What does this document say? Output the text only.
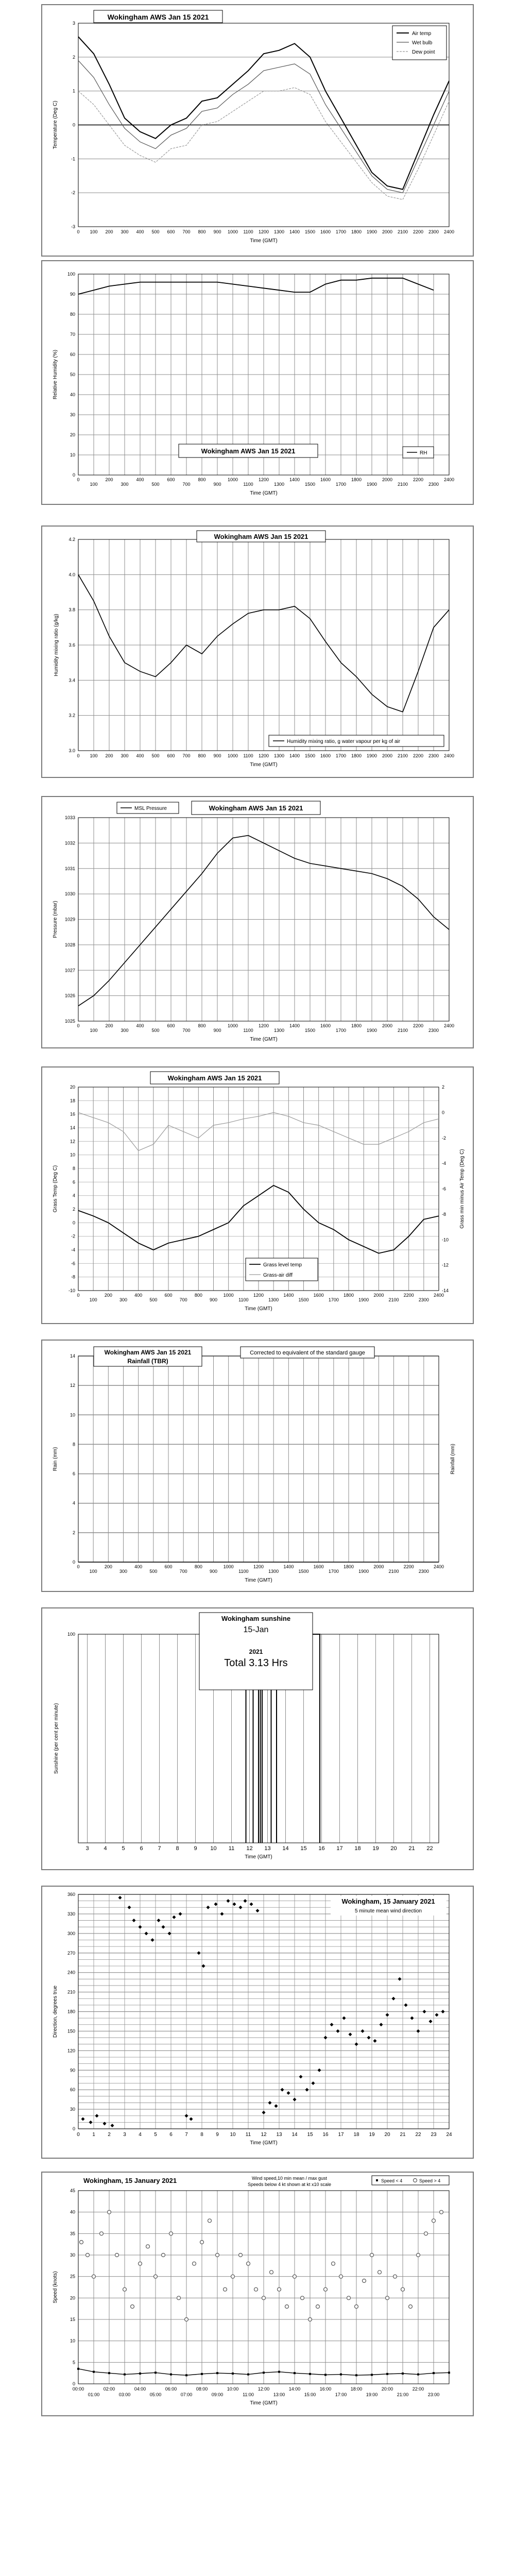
-3
-2
-1
0
1
2
3
0 100 200 300 400 500 600 700 800 900 1000 1100 1200 1300 1400 1500 1600 1700 1800 1900 2000 2100 2200 2300 2400
Wokingham AWS Jan 15 2021
Temperature (Deg C)
Time (GMT)
Air temp
Wet bulb
Dew point
0
10
20
30
40
50
60
70
80
90
100
0
100
200
300
400
500
600
700
800
900
1000
1100
1200
1300
1400
1500
1600
1700
1800
1900
2000
2100
2200
2300
2400
Relative Humidity (%)
Time (GMT)
Wokingham AWS Jan 15 2021	RH
3.0
3.2
3.4
3.6
3.8
4.0
4.2
0 100 200 300 400 500 600 700 800 900 1000 1100 1200 1300 1400 1500 1600 1700 1800 1900 2000 2100 2200 2300 2400
Humidity mixing ratio (g/kg)
Time (GMT)
Wokingham AWS Jan 15 2021
Humidity mixing ratio, g water vapour per kg of air
1025
1026
1027
1028
1029
1030
1031
1032
1033
0
100
200
300
400
500
600
700
800
900
1000
1100
1200
1300
1400
1500
1600
1700
1800
1900
2000
2100
2200
2300
2400
Pressure (mbar)
Time (GMT)
MSL Pressure	Wokingham AWS Jan 15 2021
-10
-8
-6
-4
-2
0
2
4
6
8
10
12
14
16
18
20
-14
-12
-10
-8
-6
-4
-2
0
2
0
100
200
300
400
500
600
700
800
900
1000
1100
1200
1300
1400
1500
1600
1700
1800
1900
2000
2100
2200
2300
2400
Grass Temp (Deg C)	Grass min minus Air Temp (Deg C)
Time (GMT)
Wokingham AWS Jan 15 2021
Grass level temp
Grass-air diff
0
2
4
6
8
10
12
14
0
100
200
300
400
500
600
700
800
900
1000
1100
1200
1300
1400
1500
1600
1700
1800
1900
2000
2100
2200
2300
2400
Rain (mm)	Rainfall (mm)
Time (GMT)
Wokingham AWS Jan 15 2021
Rainfall (TBR)
Corrected to equivalent of the standard gauge
100
3	4	5	6	7	8	9 10 11 12 13 14 15 16 17 18 19 20 21 22
Sunshine (per cent per minute)
Time (GMT)
Wokingham sunshine
15-Jan
2021
Total 3.13 Hrs
0
30
60
90
120
150
180
210
240
270
300
330
360
0 1 2 3 4 5 6 7 8 9 10 11 12 13 14 15 16 17 18 19 20 21 22 23 24
Direction, degrees true
Time (GMT)
Wokingham, 15 January 2021
5 minute mean wind direction
0
5
10
15
20
25
30
35
40
45
00:00	02:00	04:00	06:00	08:00	10:00	12:00	14:00	16:00	18:00	20:00	22:00
01:00	03:00	05:00	07:00	09:00	11:00	13:00	15:00	17:00	19:00	21:00	23:00
Speed (knots)
Time (GMT)
Wokingham, 15 January 2021	Wind speed,10 min mean / max gust
Speeds below 4 kt shown at kt x10 scale
Speed < 4	Speed > 4
